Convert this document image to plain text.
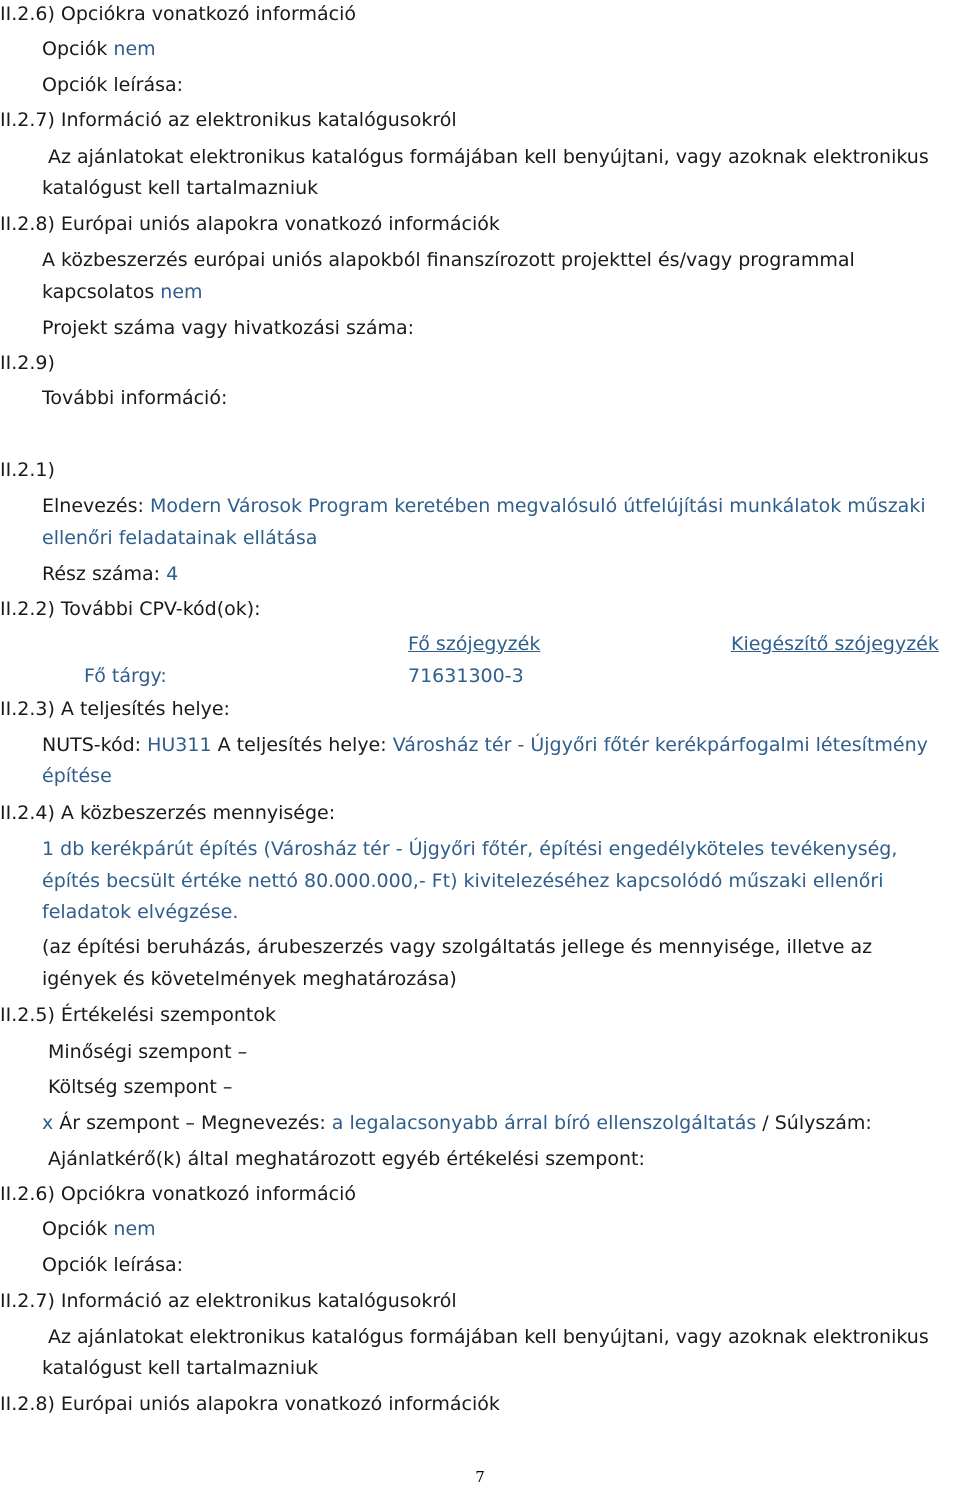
II.2.6) Opciókra vonatkozó információ
Opciók nem
Opciók leírása:
II.2.7) Információ az elektronikus katalógusokról
Az ajánlatokat elektronikus katalógus formájában kell benyújtani, vagy azoknak elektronikus
katalógust kell tartalmazniuk
II.2.8) Európai uniós alapokra vonatkozó információk
A közbeszerzés európai uniós alapokból finanszírozott projekttel és/vagy programmal
kapcsolatos nem
Projekt száma vagy hivatkozási száma:
II.2.9)
További információ:
II.2.1)
Elnevezés: Modern Városok Program keretében megvalósuló útfelújítási munkálatok műszaki
ellenőri feladatainak ellátása
Rész száma: 4
II.2.2) További CPV-kód(ok):
Fő szójegyzék	Kiegészítő szójegyzék
Fő tárgy:	71631300-3
II.2.3) A teljesítés helye:
NUTS-kód: HU311 A teljesítés helye: Városház tér - Újgyőri főtér kerékpárfogalmi létesítmény
építése
II.2.4) A közbeszerzés mennyisége:
1 db kerékpárút építés (Városház tér - Újgyőri főtér, építési engedélyköteles tevékenység,
építés becsült értéke nettó 80.000.000,- Ft) kivitelezéséhez kapcsolódó műszaki ellenőri
feladatok elvégzése.
(az építési beruházás, árubeszerzés vagy szolgáltatás jellege és mennyisége, illetve az
igények és követelmények meghatározása)
II.2.5) Értékelési szempontok
Minőségi szempont –
Költség szempont –
x Ár szempont – Megnevezés: a legalacsonyabb árral bíró ellenszolgáltatás / Súlyszám:
Ajánlatkérő(k) által meghatározott egyéb értékelési szempont:
II.2.6) Opciókra vonatkozó információ
Opciók nem
Opciók leírása:
II.2.7) Információ az elektronikus katalógusokról
Az ajánlatokat elektronikus katalógus formájában kell benyújtani, vagy azoknak elektronikus
katalógust kell tartalmazniuk
II.2.8) Európai uniós alapokra vonatkozó információk
7
